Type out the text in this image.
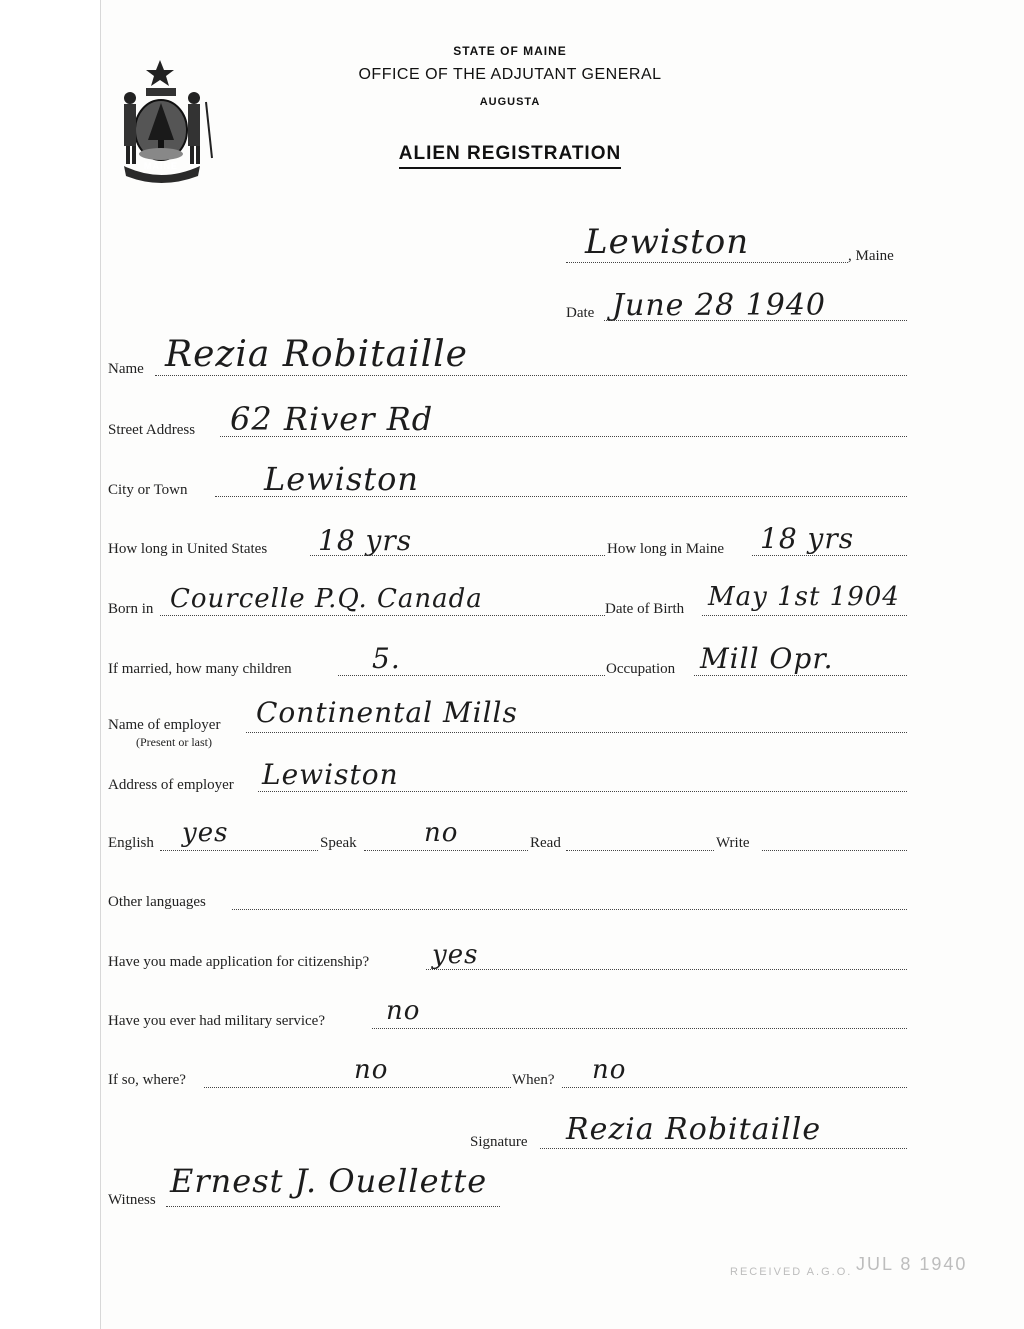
MAINE
STATE OF MAINE
OFFICE OF THE ADJUTANT GENERAL
AUGUSTA
ALIEN REGISTRATION
Lewiston	, Maine
Date June 28 1940
Name Rezia Robitaille
Street Address 62 River Rd
City or Town Lewiston
How long in United States 18 yrs	How long in Maine 18 yrs
Born in Courcelle P.Q. Canada	Date of Birth May 1st 1904
If married, how many children	5.	Occupation Mill Opr.
Name of employer
(Present or last)
Continental Mills
Address of employer Lewiston
English yes	Speak	no	Read	Write
Other languages
Have you made application for citizenship? yes
Have you ever had military service? no
If so, where?	no	When? no
Signature Rezia Robitaille
Witness Ernest J. Ouellette
RECEIVED A.G.O. JUL 8 1940
